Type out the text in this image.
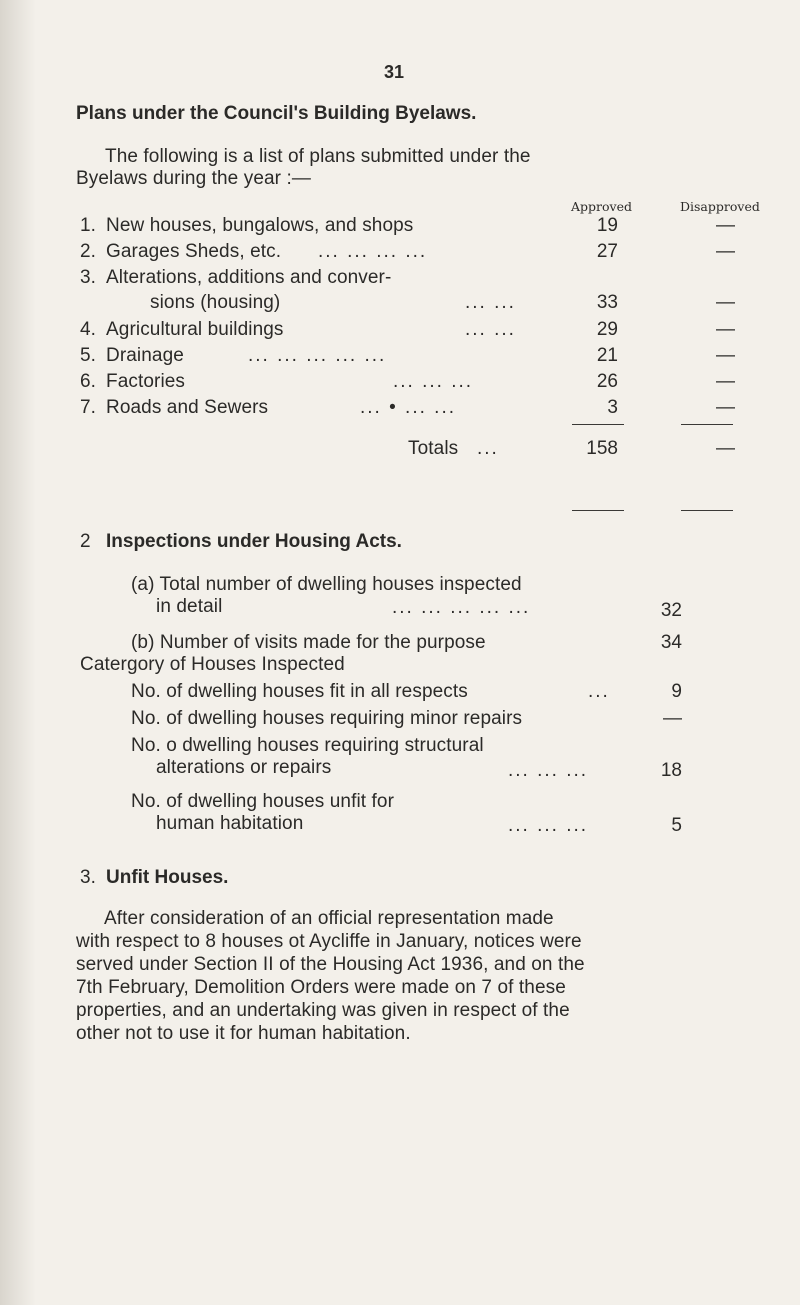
31
Plans under the Council's Building Byelaws.
The following is a list of plans submitted under the
Byelaws during the year :—
Approved	Disapproved
1. New houses, bungalows, and shops	19	—
2. Garages Sheds, etc. ... ... ... ...	27	—
3. Alterations, additions and conver-
sions (housing)	... ...	33	—
4. Agricultural buildings	... ...	29	—
5. Drainage	... ... ... ... ...	21	—
6. Factories	... ... ...	26	—
7. Roads and Sewers	... • ... ...	3	—
Totals ...	158	—
2 Inspections under Housing Acts.
(a) Total number of dwelling houses inspected
in detail	... ... ... ... ...	32
(b) Number of visits made for the purpose	34
Catergory of Houses Inspected
No. of dwelling houses fit in all respects	...	9
No. of dwelling houses requiring minor repairs	—
No. o dwelling houses requiring structural
alterations or repairs	... ... ...	18
No. of dwelling houses unfit for
human habitation	... ... ...	5
3. Unfit Houses.
After consideration of an official representation made
with respect to 8 houses ot Aycliffe in January, notices were
served under Section II of the Housing Act 1936, and on the
7th February, Demolition Orders were made on 7 of these
properties, and an undertaking was given in respect of the
other not to use it for human habitation.
